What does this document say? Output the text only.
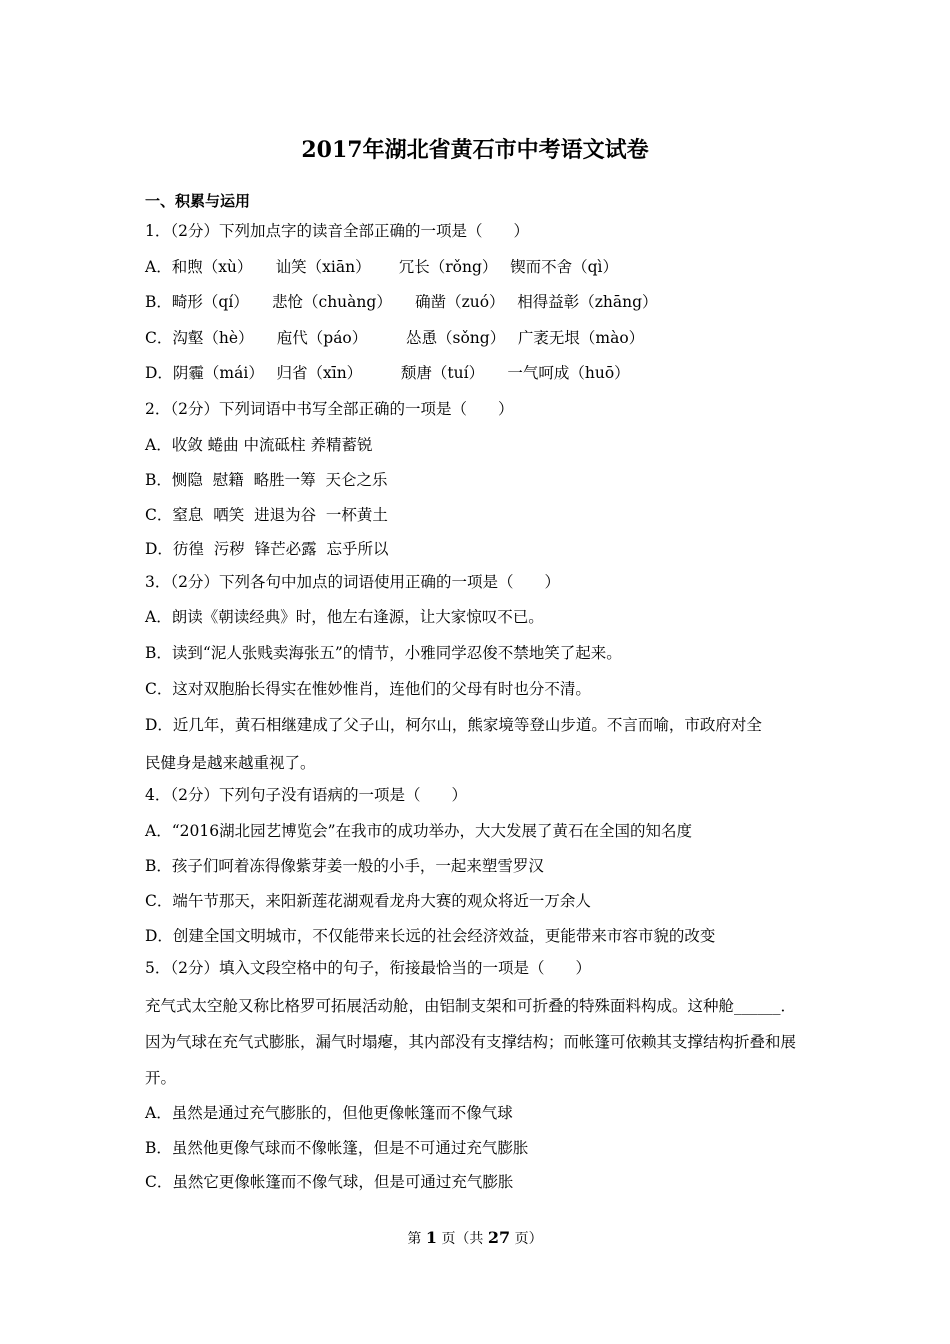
2017年湖北省黄石市中考语文试卷
一、积累与运用
1．（2分）下列加点字的读音全部正确的一项是（　　）
A．和煦（xù）　　讪笑（xiān）　　 冗长（rǒng）　 锲而不舍（qì）
B．畸形（qí）　　悲怆（chuàng）　　确凿（zuó）　 相得益彰（zhāng）
C．沟壑（hè）　　庖代（páo）　　　怂恿（sǒng）　 广袤无垠（mào）
D．阴霾（mái）　 归省（xīn）　　　颓唐（tuí）　　一气呵成（huō）
2．（2分）下列词语中书写全部正确的一项是（　　）
A．收敛 蜷曲 中流砥柱 养精蓄锐
B．恻隐  慰籍  略胜一筹  天仑之乐
C．窒息  哂笑  进退为谷  一杯黄土
D．彷徨  污秽  锋芒必露  忘乎所以
3．（2分）下列各句中加点的词语使用正确的一项是（　　）
A．朗读《朝读经典》时，他左右逢源，让大家惊叹不已。
B．读到“泥人张贱卖海张五”的情节，小雅同学忍俊不禁地笑了起来。
C．这对双胞胎长得实在惟妙惟肖，连他们的父母有时也分不清。
D．近几年，黄石相继建成了父子山，柯尔山，熊家境等登山步道。不言而喻，市政府对全
民健身是越来越重视了。
4．（2分）下列句子没有语病的一项是（　　）
A．“2016湖北园艺博览会”在我市的成功举办，大大发展了黄石在全国的知名度
B．孩子们呵着冻得像紫芽姜一般的小手，一起来塑雪罗汉
C．端午节那天，来阳新莲花湖观看龙舟大赛的观众将近一万余人
D．创建全国文明城市，不仅能带来长远的社会经济效益，更能带来市容市貌的改变
5．（2分）填入文段空格中的句子，衔接最恰当的一项是（　　）
充气式太空舱又称比格罗可拓展活动舱，由铝制支架和可折叠的特殊面料构成。这种舱______．因为气球在充气式膨胀，漏气时塌瘪，其内部没有支撑结构；而帐篷可依赖其支撑结构折叠和展开。
A．虽然是通过充气膨胀的，但他更像帐篷而不像气球
B．虽然他更像气球而不像帐篷，但是不可通过充气膨胀
C．虽然它更像帐篷而不像气球，但是可通过充气膨胀
第 1 页（共 27 页）
